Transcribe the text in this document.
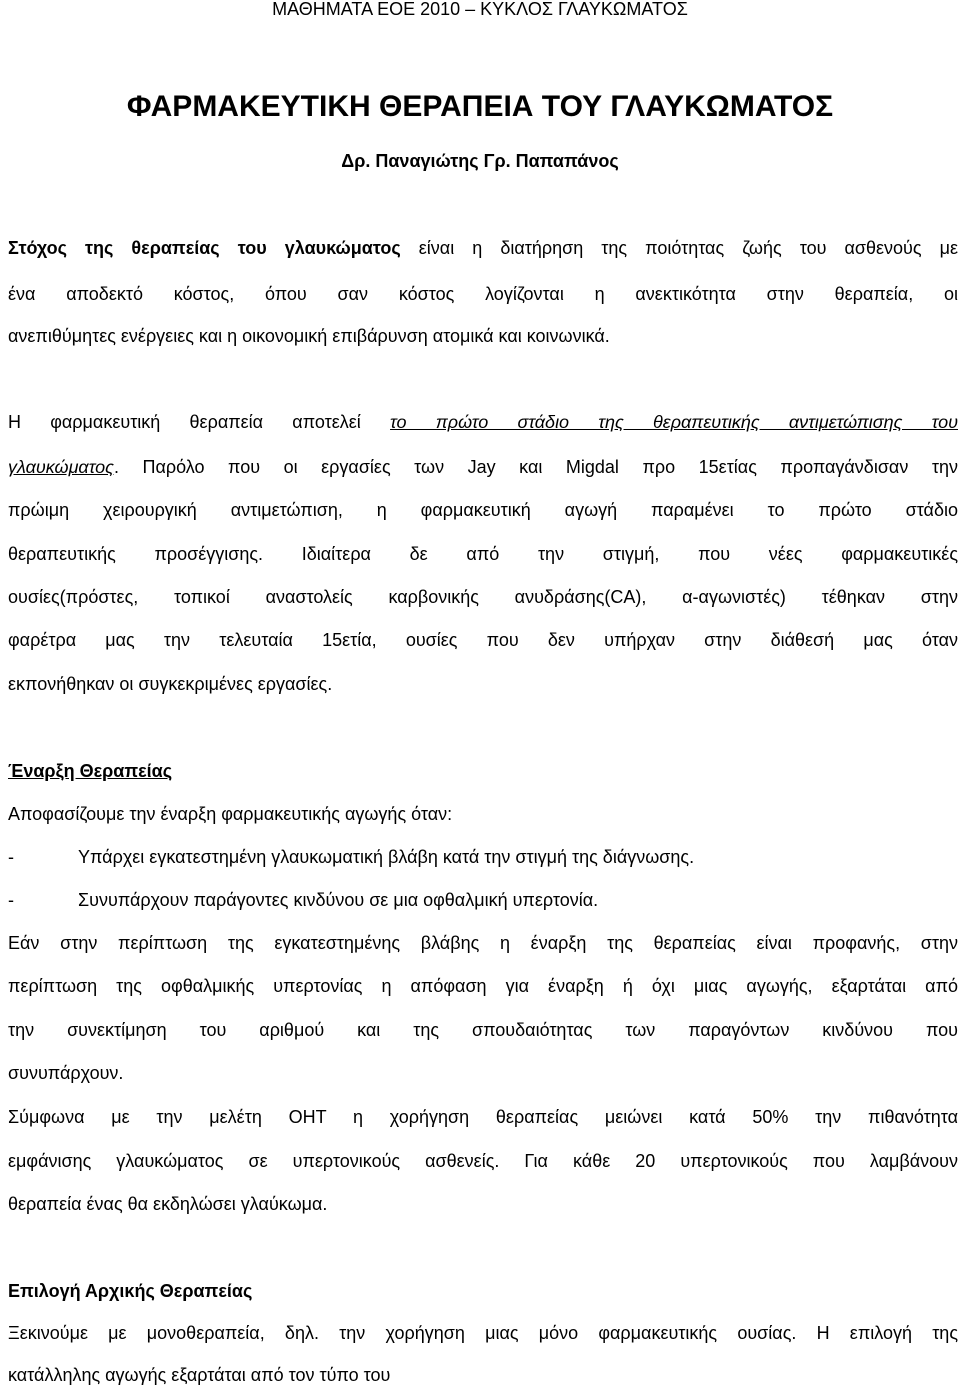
ΜΑΘΗΜΑΤΑ ΕΟΕ 2010 – ΚΥΚΛΟΣ ΓΛΑΥΚΩΜΑΤΟΣ
ΦΑΡΜΑΚΕΥΤΙΚΗ ΘΕΡΑΠΕΙΑ ΤΟΥ ΓΛΑΥΚΩΜΑΤΟΣ
Δρ. Παναγιώτης Γρ. Παπαπάνος
Στόχος της θεραπείας του γλαυκώματος είναι η διατήρηση της ποιότητας ζωής του ασθενούς με
ένα αποδεκτό κόστος, όπου σαν κόστος λογίζονται η ανεκτικότητα στην θεραπεία, οι
ανεπιθύμητες ενέργειες και η οικονομική επιβάρυνση ατομικά και κοινωνικά.
Η φαρμακευτική θεραπεία αποτελεί το πρώτο στάδιο της θεραπευτικής αντιμετώπισης του
γλαυκώματος. Παρόλο που οι εργασίες των Jay και Migdal προ 15ετίας προπαγάνδισαν την
πρώιμη χειρουργική αντιμετώπιση, η φαρμακευτική αγωγή παραμένει το πρώτο στάδιο
θεραπευτικής προσέγγισης. Ιδιαίτερα δε από την στιγμή, που νέες φαρμακευτικές
ουσίες(πρόστες, τοπικοί αναστολείς καρβονικής ανυδράσης(CA), α-αγωνιστές) τέθηκαν στην
φαρέτρα μας την τελευταία 15ετία, ουσίες που δεν υπήρχαν στην διάθεσή μας όταν
εκπονήθηκαν οι συγκεκριμένες εργασίες.
Έναρξη Θεραπείας
Αποφασίζουμε την έναρξη φαρμακευτικής αγωγής όταν:
-	Υπάρχει εγκατεστημένη γλαυκωματική βλάβη κατά την στιγμή της διάγνωσης.
-	Συνυπάρχουν παράγοντες κινδύνου σε μια οφθαλμική υπερτονία.
Εάν στην περίπτωση της εγκατεστημένης βλάβης η έναρξη της θεραπείας είναι προφανής, στην
περίπτωση της οφθαλμικής υπερτονίας η απόφαση για έναρξη ή όχι μιας αγωγής, εξαρτάται από
την συνεκτίμηση του αριθμού και της σπουδαιότητας των παραγόντων κινδύνου που
συνυπάρχουν.
Σύμφωνα με την μελέτη OHT η χορήγηση θεραπείας μειώνει κατά 50% την πιθανότητα
εμφάνισης γλαυκώματος σε υπερτονικούς ασθενείς. Για κάθε 20 υπερτονικούς που λαμβάνουν
θεραπεία ένας θα εκδηλώσει γλαύκωμα.
Επιλογή Αρχικής Θεραπείας
Ξεκινούμε με μονοθεραπεία, δηλ. την χορήγηση μιας μόνο φαρμακευτικής ουσίας. Η επιλογή της
κατάλληλης αγωγής εξαρτάται από τον τύπο του
